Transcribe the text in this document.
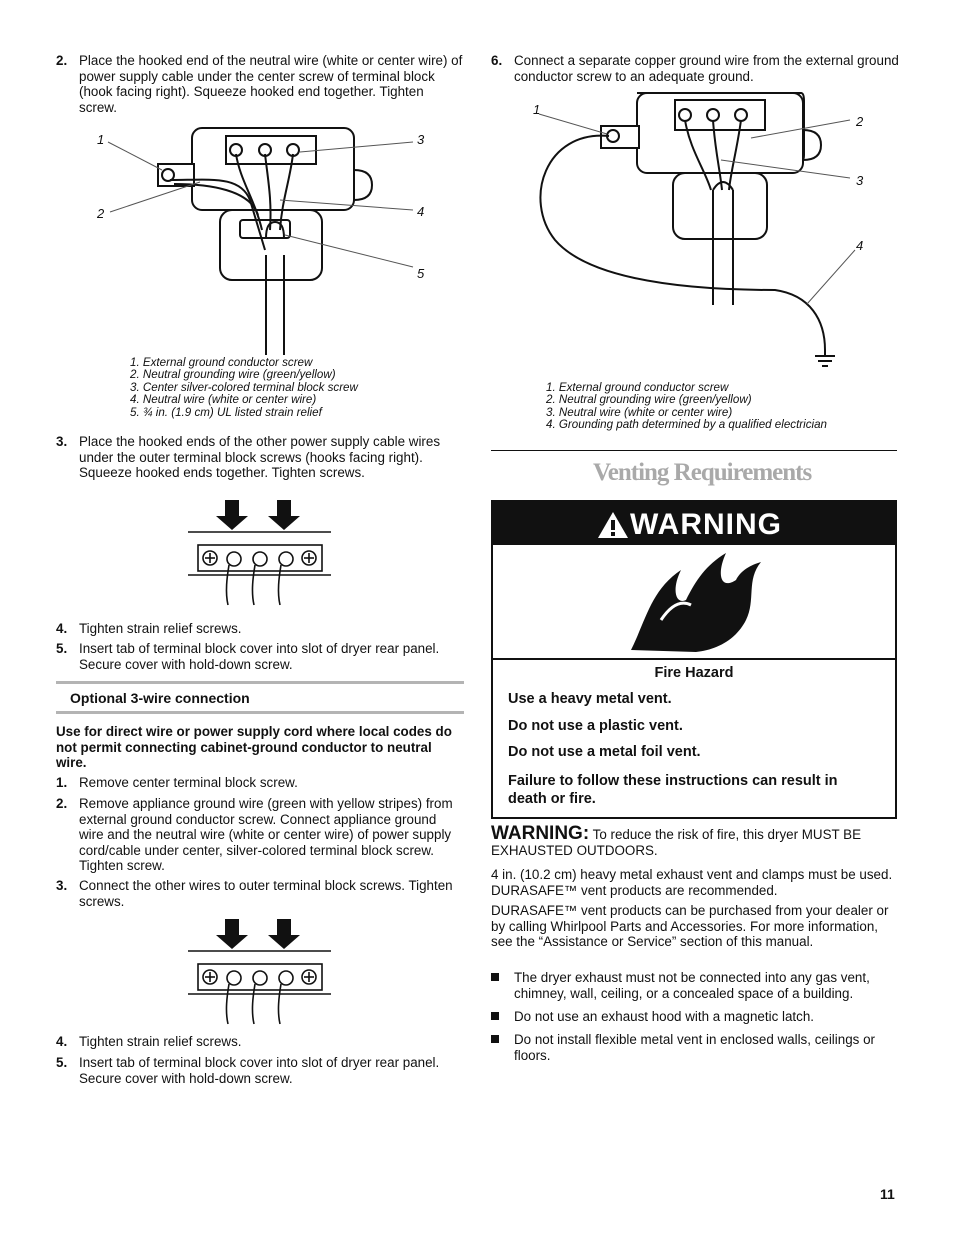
2. Place the hooked end of the neutral wire (white or center wire) of power supply cable under the center screw of terminal block (hook facing right). Squeeze hooked end together. Tighten screw.
1
2
3
4
5
1. External ground conductor screw
2. Neutral grounding wire (green/yellow)
3. Center silver-colored terminal block screw
4. Neutral wire (white or center wire)
5. ¾ in. (1.9 cm) UL listed strain relief
3. Place the hooked ends of the other power supply cable wires under the outer terminal block screws (hooks facing right). Squeeze hooked ends together. Tighten screws.
4. Tighten strain relief screws.
5. Insert tab of terminal block cover into slot of dryer rear panel. Secure cover with hold-down screw.
Optional 3-wire connection
Use for direct wire or power supply cord where local codes do not permit connecting cabinet-ground conductor to neutral wire.
1. Remove center terminal block screw.
2. Remove appliance ground wire (green with yellow stripes) from external ground conductor screw. Connect appliance ground wire and the neutral wire (white or center wire) of power supply cord/cable under center, silver-colored terminal block screw. Tighten screw.
3. Connect the other wires to outer terminal block screws. Tighten screws.
4. Tighten strain relief screws.
5. Insert tab of terminal block cover into slot of dryer rear panel. Secure cover with hold-down screw.
6. Connect a separate copper ground wire from the external ground conductor screw to an adequate ground.
1
2
3
4
1. External ground conductor screw
2. Neutral grounding wire (green/yellow)
3. Neutral wire (white or center wire)
4. Grounding path determined by a qualified electrician
Venting Requirements
WARNING
Fire Hazard
Use a heavy metal vent.
Do not use a plastic vent.
Do not use a metal foil vent.
Failure to follow these instructions can result in death or fire.
WARNING: To reduce the risk of fire, this dryer MUST BE EXHAUSTED OUTDOORS.
4 in. (10.2 cm) heavy metal exhaust vent and clamps must be used. DURASAFE™ vent products are recommended.
DURASAFE™ vent products can be purchased from your dealer or by calling Whirlpool Parts and Accessories. For more information, see the “Assistance or Service” section of this manual.
The dryer exhaust must not be connected into any gas vent, chimney, wall, ceiling, or a concealed space of a building.
Do not use an exhaust hood with a magnetic latch.
Do not install flexible metal vent in enclosed walls, ceilings or floors.
11
